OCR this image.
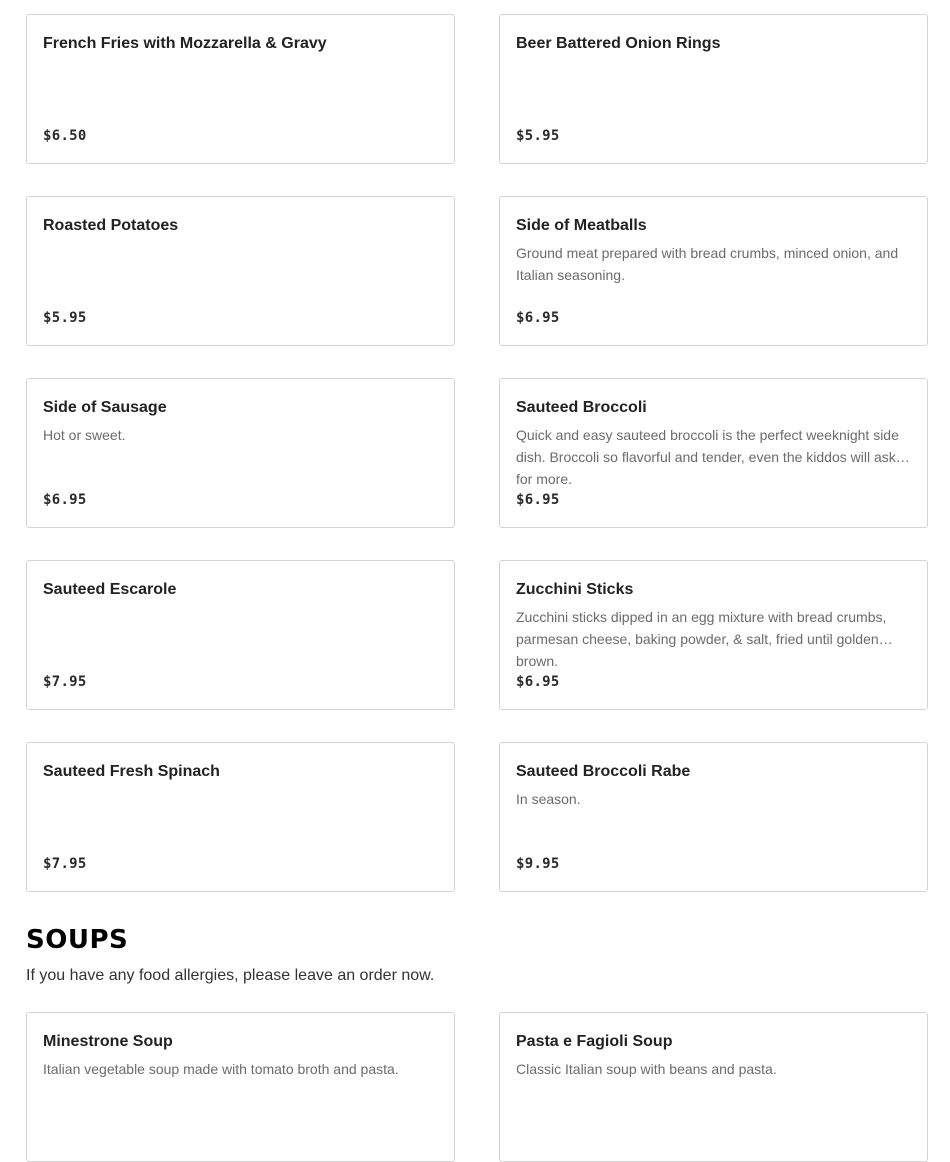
French Fries with Mozzarella & Gravy
$6.50
Beer Battered Onion Rings
$5.95
Roasted Potatoes
$5.95
Side of Meatballs
Ground meat prepared with bread crumbs, minced onion, and Italian seasoning.
$6.95
Side of Sausage
Hot or sweet.
$6.95
Sauteed Broccoli
Quick and easy sauteed broccoli is the perfect weeknight side dish. Broccoli so flavorful and tender, even the kiddos will ask for more.
$6.95
Sauteed Escarole
$7.95
Zucchini Sticks
Zucchini sticks dipped in an egg mixture with bread crumbs, parmesan cheese, baking powder, & salt, fried until golden brown.
$6.95
Sauteed Fresh Spinach
$7.95
Sauteed Broccoli Rabe
In season.
$9.95
SOUPS
If you have any food allergies, please leave an order now.
Minestrone Soup
Italian vegetable soup made with tomato broth and pasta.
Pasta e Fagioli Soup
Classic Italian soup with beans and pasta.
